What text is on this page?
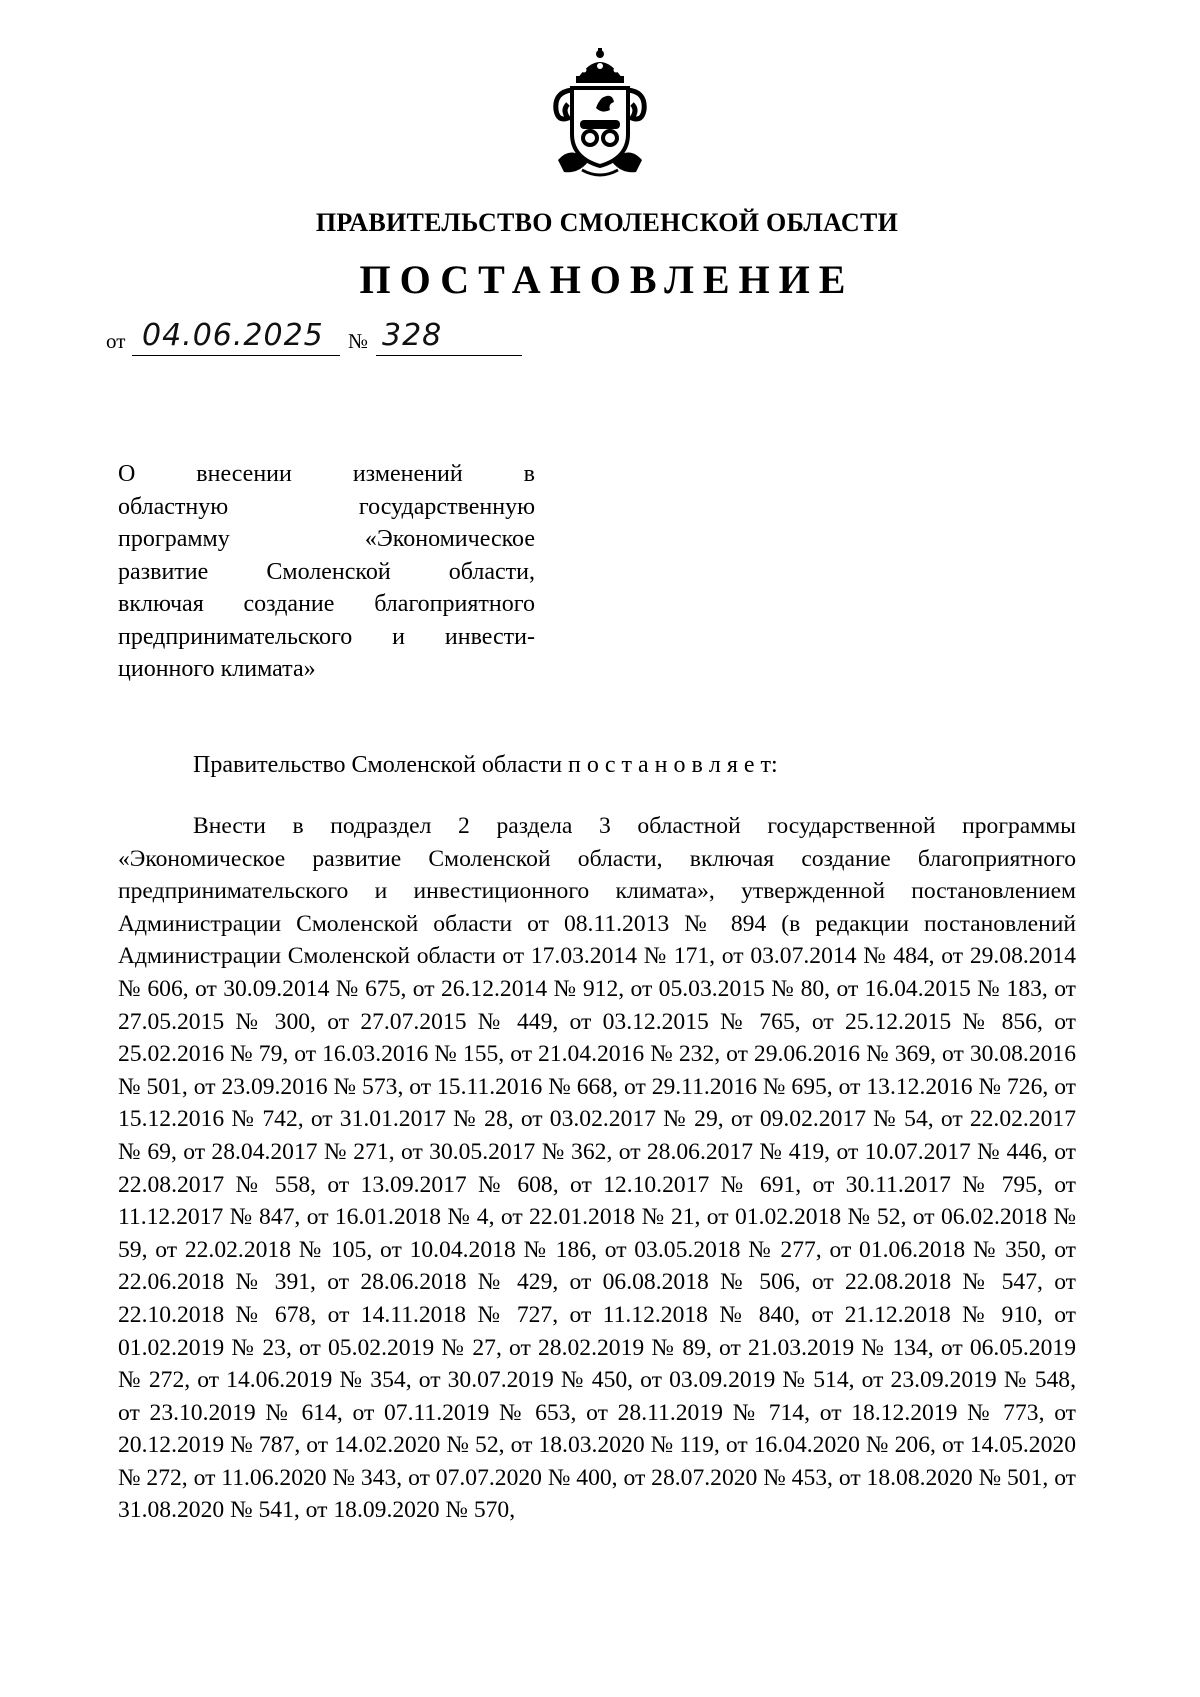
ПРАВИТЕЛЬСТВО СМОЛЕНСКОЙ ОБЛАСТИ
ПОСТАНОВЛЕНИЕ
от 04.06.2025 № 328
О внесении изменений в
областную государственную
программу «Экономическое
развитие Смоленской области,
включая создание благоприятного
предпринимательского и инвести-
ционного климата»
Правительство Смоленской области п о с т а н о в л я е т:
Внести в подраздел 2 раздела 3 областной государственной программы «Экономическое развитие Смоленской области, включая создание благоприятного предпринимательского и инвестиционного климата», утвержденной постановлением Администрации Смоленской области от 08.11.2013 № 894 (в редакции постановлений Администрации Смоленской области от 17.03.2014 № 171, от 03.07.2014 № 484, от 29.08.2014 № 606, от 30.09.2014 № 675, от 26.12.2014 № 912, от 05.03.2015 № 80, от 16.04.2015 № 183, от 27.05.2015 № 300, от 27.07.2015 № 449, от 03.12.2015 № 765, от 25.12.2015 № 856, от 25.02.2016 № 79, от 16.03.2016 № 155, от 21.04.2016 № 232, от 29.06.2016 № 369, от 30.08.2016 № 501, от 23.09.2016 № 573, от 15.11.2016 № 668, от 29.11.2016 № 695, от 13.12.2016 № 726, от 15.12.2016 № 742, от 31.01.2017 № 28, от 03.02.2017 № 29, от 09.02.2017 № 54, от 22.02.2017 № 69, от 28.04.2017 № 271, от 30.05.2017 № 362, от 28.06.2017 № 419, от 10.07.2017 № 446, от 22.08.2017 № 558, от 13.09.2017 № 608, от 12.10.2017 № 691, от 30.11.2017 № 795, от 11.12.2017 № 847, от 16.01.2018 № 4, от 22.01.2018 № 21, от 01.02.2018 № 52, от 06.02.2018 № 59, от 22.02.2018 № 105, от 10.04.2018 № 186, от 03.05.2018 № 277, от 01.06.2018 № 350, от 22.06.2018 № 391, от 28.06.2018 № 429, от 06.08.2018 № 506, от 22.08.2018 № 547, от 22.10.2018 № 678, от 14.11.2018 № 727, от 11.12.2018 № 840, от 21.12.2018 № 910, от 01.02.2019 № 23, от 05.02.2019 № 27, от 28.02.2019 № 89, от 21.03.2019 № 134, от 06.05.2019 № 272, от 14.06.2019 № 354, от 30.07.2019 № 450, от 03.09.2019 № 514, от 23.09.2019 № 548, от 23.10.2019 № 614, от 07.11.2019 № 653, от 28.11.2019 № 714, от 18.12.2019 № 773, от 20.12.2019 № 787, от 14.02.2020 № 52, от 18.03.2020 № 119, от 16.04.2020 № 206, от 14.05.2020 № 272, от 11.06.2020 № 343, от 07.07.2020 № 400, от 28.07.2020 № 453, от 18.08.2020 № 501, от 31.08.2020 № 541, от 18.09.2020 № 570,
